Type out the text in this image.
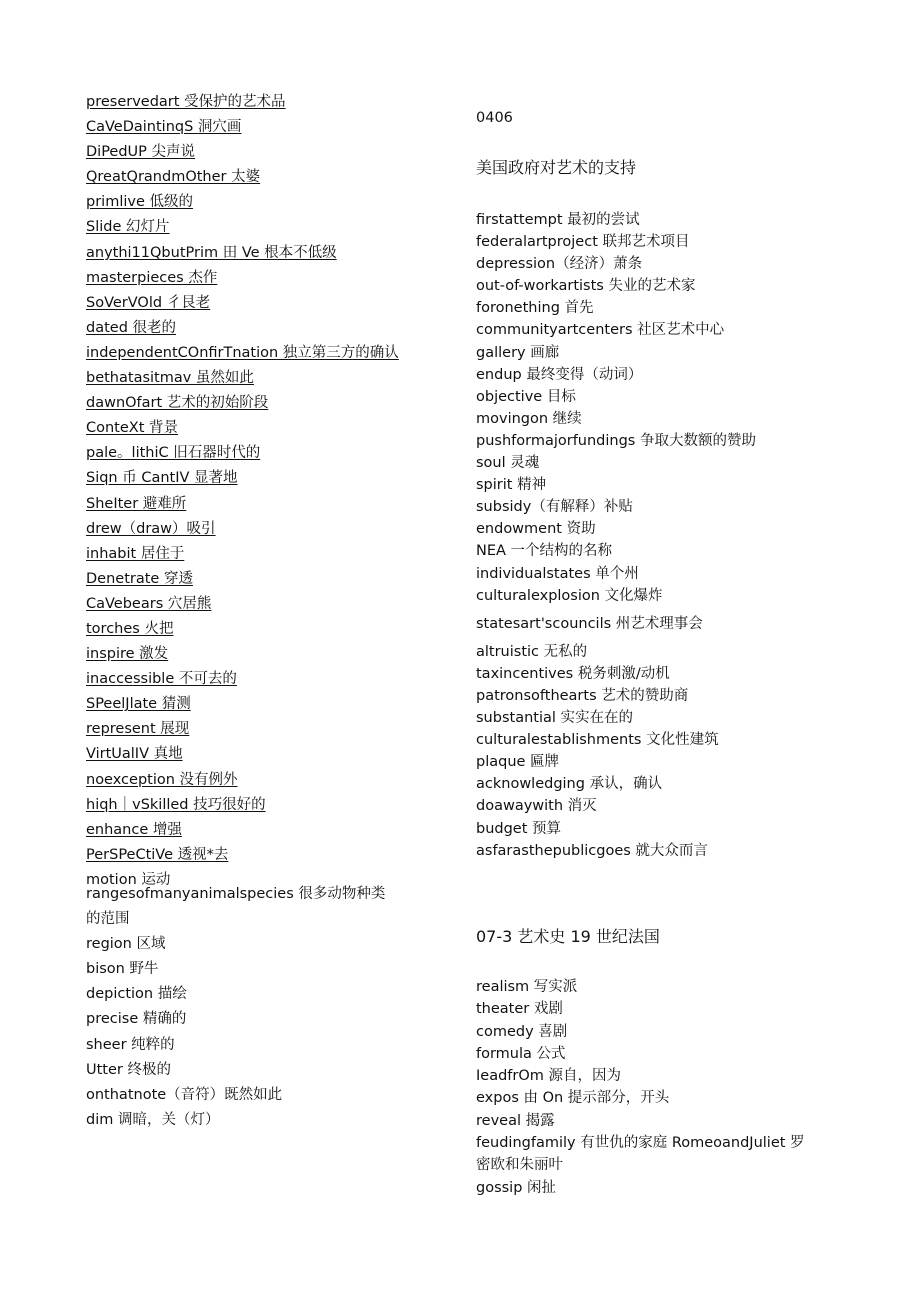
preservedart 受保护的艺术品

CaVeDaintinqS 洞穴画

DiPedUP 尖声说

QreatQrandmOther 太婆

primlive 低级的

Slide 幻灯片

anythi11QbutPrim 田 Ve 根本不低级

masterpieces 杰作

SoVerVOld 彳艮老

dated 很老的

independentCOnfirTnation 独立第三方的确认

bethatasitmav 虽然如此

dawnOfart 艺术的初始阶段

ConteXt 背景

pale。lithiC 旧石器时代的

Siqn 币 CantIV 显著地

SheIter 避难所

drew（draw）吸引

inhabit 居住于

Denetrate 穿透

CaVebears 穴居熊

torches 火把

inspire 激发

inaccessible 不可去的

SPeelJlate 猜测

represent 展现

VirtUalIV 真地

noexception 没有例外

hiqh｜vSkilled 技巧很好的

enhance 增强

PerSPeCtiVe 透视*去

motion 运动

rangesofmanyanimalspecies 很多动物种类的范围

region 区域

bison 野牛

depiction 描绘

precise 精确的

sheer 纯粹的

Utter 终极的

onthatnote（音符）既然如此

dim 调暗，关（灯）

0406
美国政府对艺术的支持

firstattempt 最初的尝试

federalartproject 联邦艺术项目

depression（经济）萧条

out-of-workartists 失业的艺术家

foronething 首先

communityartcenters 社区艺术中心

gallery 画廊

endup 最终变得（动词）

objective 目标

movingon 继续

pushformajorfundings 争取大数额的赞助

soul 灵魂

spirit 精神

subsidy（有解释）补贴

endowment 资助

NEA 一个结构的名称

individualstates 单个州

culturalexplosion 文化爆炸

statesart'scouncils 州艺术理事会

altruistic 无私的

taxincentives 税务刺激/动机

patronsofthearts 艺术的赞助商

substantial 实实在在的

culturalestablishments 文化性建筑

plaque 匾牌

acknowledging 承认，确认

doawaywith 消灭

budget 预算

asfarasthepublicgoes 就大众而言

07-3 艺术史 19 世纪法国

realism 写实派

theater 戏剧

comedy 喜剧

formula 公式

IeadfrOm 源自，因为

expos 由 On 提示部分，开头

reveal 揭露

feudingfamily 有世仇的家庭 RomeoandJuliet 罗密欧和朱丽叶

gossip 闲扯
